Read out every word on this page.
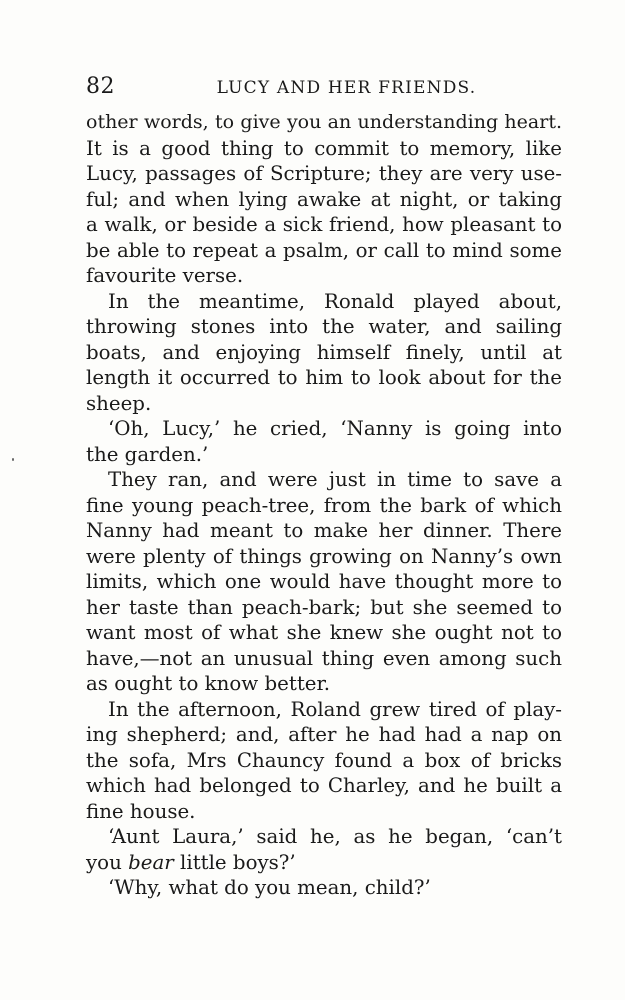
82	LUCY AND HER FRIENDS.
other words, to give you an understanding heart.
It is a good thing to commit to memory, like
Lucy, passages of Scripture; they are very use-
ful; and when lying awake at night, or taking
a walk, or beside a sick friend, how pleasant to
be able to repeat a psalm, or call to mind some
favourite verse.
In the meantime, Ronald played about,
throwing stones into the water, and sailing
boats, and enjoying himself finely, until at
length it occurred to him to look about for the
sheep.
‘Oh, Lucy,’ he cried, ‘Nanny is going into
the garden.’
They ran, and were just in time to save a
fine young peach-tree, from the bark of which
Nanny had meant to make her dinner. There
were plenty of things growing on Nanny’s own
limits, which one would have thought more to
her taste than peach-bark; but she seemed to
want most of what she knew she ought not to
have,—not an unusual thing even among such
as ought to know better.
In the afternoon, Roland grew tired of play-
ing shepherd; and, after he had had a nap on
the sofa, Mrs Chauncy found a box of bricks
which had belonged to Charley, and he built a
fine house.
‘Aunt Laura,’ said he, as he began, ‘can’t
you bear little boys?’
‘Why, what do you mean, child?’
